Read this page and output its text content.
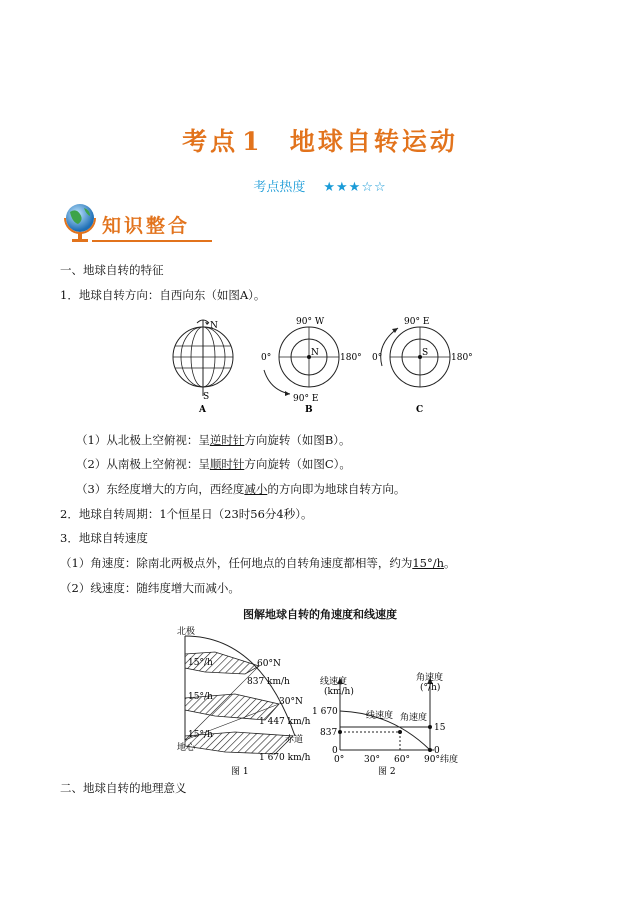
考点 1 地球自转运动
考点热度 ★★★☆☆
知识整合
一、地球自转的特征
1．地球自转方向：自西向东（如图A）。
N
S
A
90° W
0°	180°
N
90° E
B
90° E
0°	180°
S
C
（1）从北极上空俯视：呈逆时针方向旋转（如图B）。
（2）从南极上空俯视：呈顺时针方向旋转（如图C）。
（3）东经度增大的方向，西经度减小的方向即为地球自转方向。
2．地球自转周期：1个恒星日（23时56分4秒）。
3．地球自转速度
（1）角速度：除南北两极点外，任何地点的自转角速度都相等，约为15°/h。
（2）线速度：随纬度增大而减小。
图解地球自转的角速度和线速度
北极
15°/h
15°/h
15°/h
60°N
837 km/h
30°N
1 447 km/h
赤道
地心
1 670 km/h
图 1
线速度
(km/h)
角速度
(°/h)
1 670
837
0
线速度 角速度
15
0
0° 30° 60° 90° 纬度
图 2
二、地球自转的地理意义
